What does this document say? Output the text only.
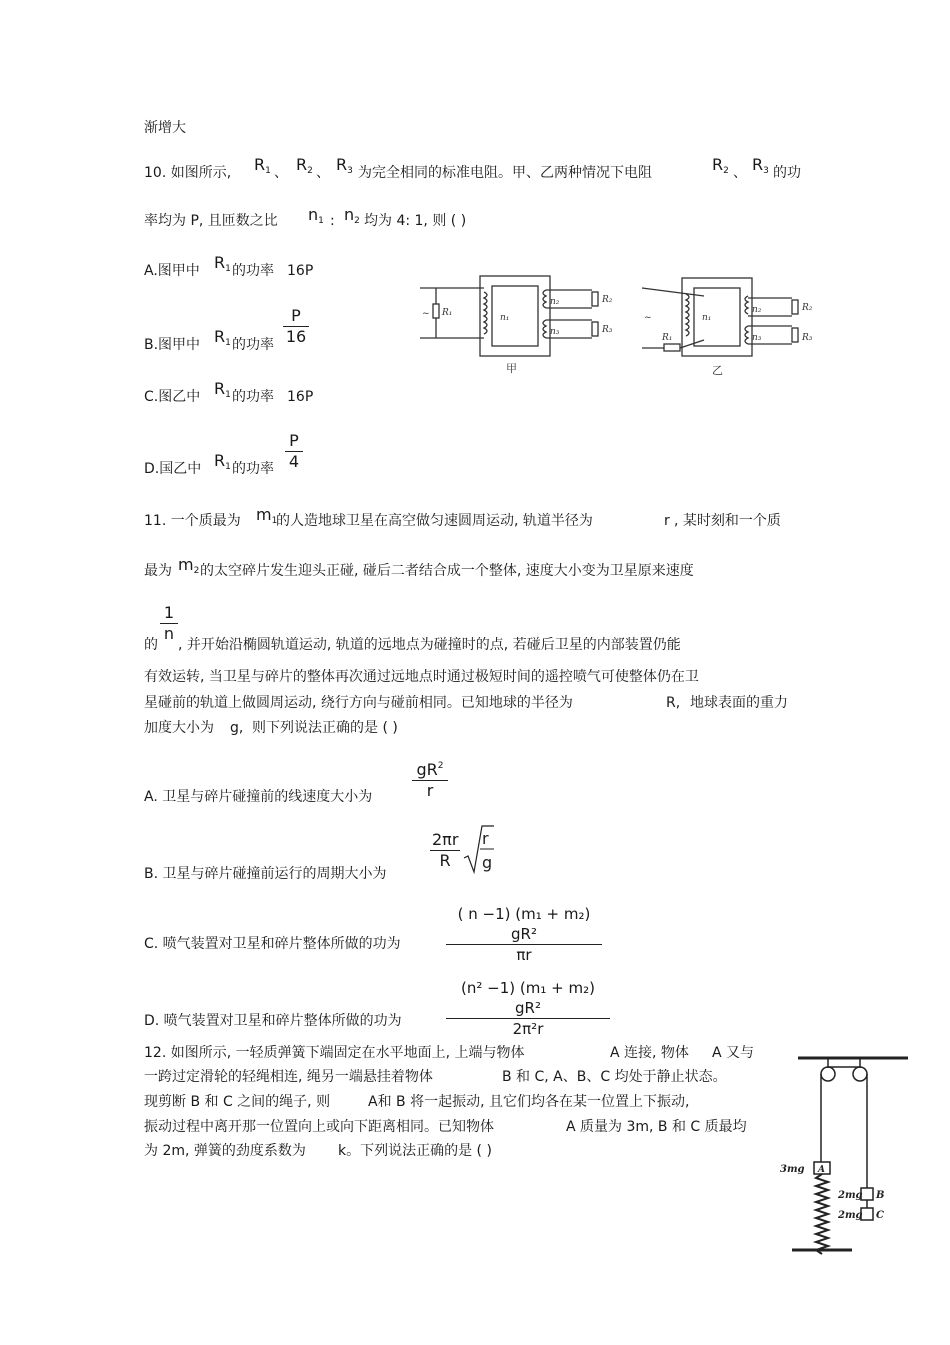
渐增大
10. 如图所示, $R_1$ 、 $R_2$ 、 $R_3$ 为完全相同的标准电阻。甲、乙两种情况下电阻	$R_2$ 、 $R_3$ 的功
率均为 P, 且匝数之比 $n_1$ : $n_2$ 均为 4: 1, 则 ( )
A.图甲中 $R_1$ 的功率 16P
B.图甲中 $R_1$ 的功率 $\frac{P}{16}$
C.图乙中 $R_1$ 的功率 16P
D.国乙中 $R_1$ 的功率 $\frac{P}{4}$
~ R₁	n₁
n₂
n₃
R₂
R₃
~
R₁
n₁
n₂
n₃
R₂
R₃
甲	乙
11. 一个质最为 $m_1$
的人造地球卫星在高空做匀速圆周运动, 轨道半径为	r , 某时刻和一个质
最为 $m_2$ 的太空碎片发生迎头正碰, 碰后二者结合成一个整体, 速度大小变为卫星原来速度
$\frac{1}{n}$
的 , 并开始沿椭圆轨道运动, 轨道的远地点为碰撞时的点, 若碰后卫星的内部装置仍能
有效运转, 当卫星与碎片的整体再次通过远地点时通过极短时间的遥控喷气可使整体仍在卫
星碰前的轨道上做圆周运动, 绕行方向与碰前相同。已知地球的半径为	R, 地球表面的重力
加度大小为 g, 则下列说法正确的是 ( )
A. 卫星与碎片碰撞前的线速度大小为 $\frac{gR^2}{r}$
B. 卫星与碎片碰撞前运行的周期大小为
$\frac{2\pi r}{R}$ r
g
C. 喷气装置对卫星和碎片整体所做的功为	$\frac{\text{( n −1) (m₁ + m₂) gR²}}{\pi r}$
D. 喷气装置对卫星和碎片整体所做的功为	$\frac{\text{(n² −1) (m₁ + m₂) gR²}}{\text{2π²r}}$
12. 如图所示, 一轻质弹簧下端固定在水平地面上, 上端与物体	A 连接, 物体 A 又与
一跨过定滑轮的轻绳相连, 绳另一端悬挂着物体	B 和 C, A、B、C 均处于静止状态。
现剪断 B 和 C 之间的绳子, 则	A和 B 将一起振动, 且它们均各在某一位置上下振动,
振动过程中离开那一位置向上或向下距离相同。已知物体	A 质量为 3m, B 和 C 质最均
为 2m, 弹簧的劲度系数为 k。下列说法正确的是 ( )
3mg A
2mg B
2mg C
